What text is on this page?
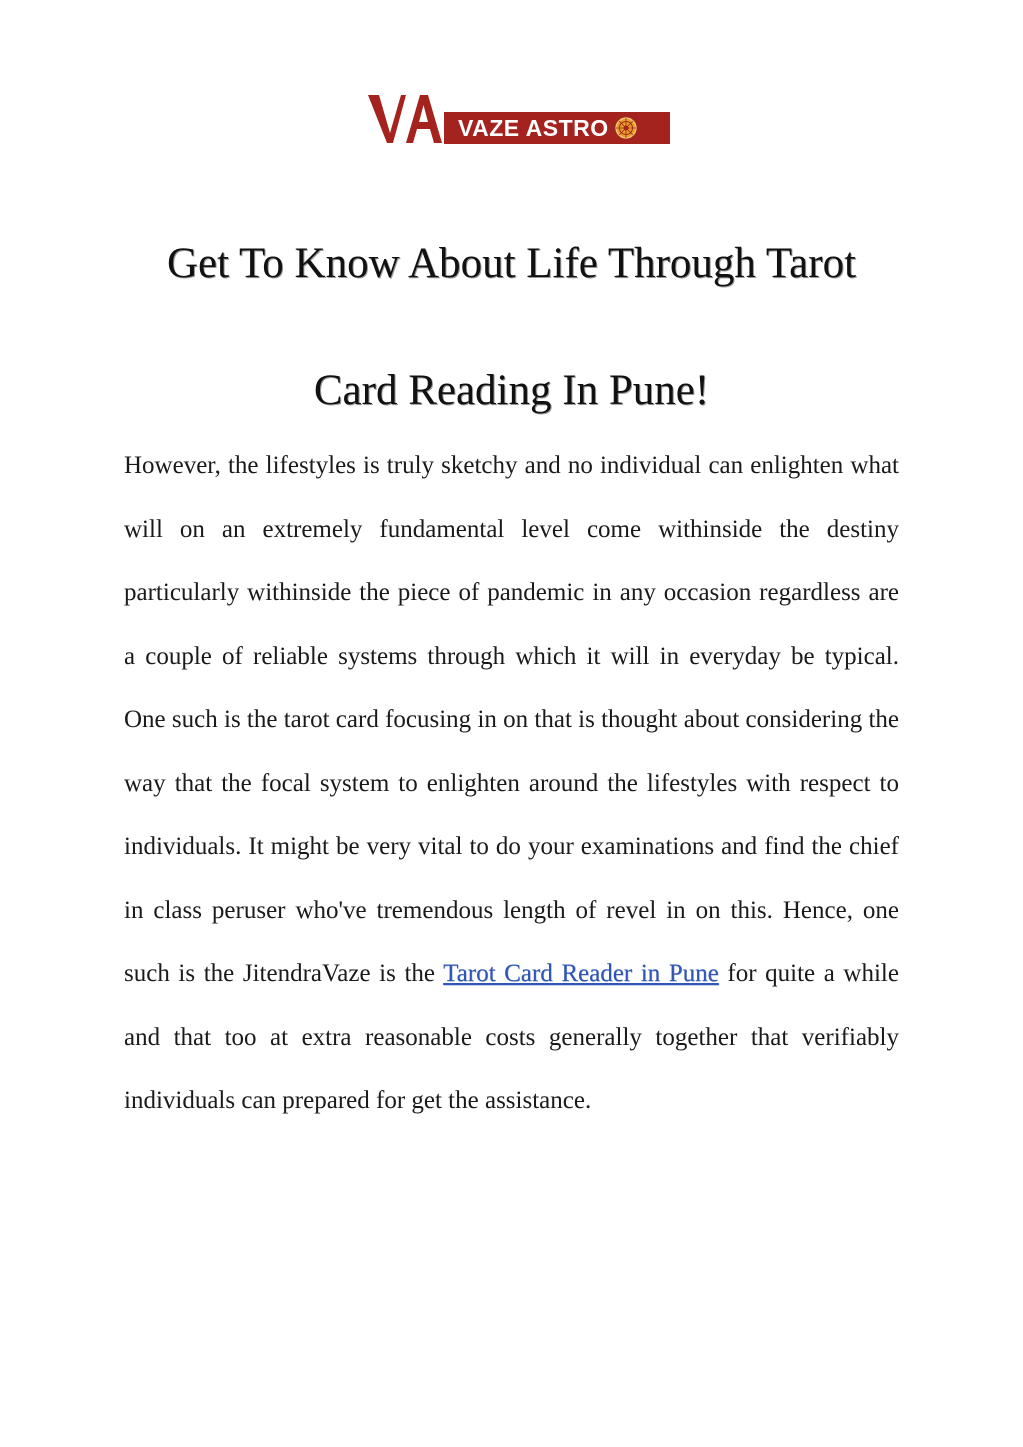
VAZE ASTRO
Get To Know About Life Through Tarot
Card Reading In Pune!

However, the lifestyles is truly sketchy and no individual can enlighten what will on an extremely fundamental level come withinside the destiny particularly withinside the piece of pandemic in any occasion regardless are a couple of reliable systems through which it will in everyday be typical. One such is the tarot card focusing in on that is thought about considering the way that the focal system to enlighten around the lifestyles with respect to individuals. It might be very vital to do your examinations and find the chief in class peruser who've tremendous length of revel in on this. Hence, one such is the JitendraVaze is the Tarot Card Reader in Pune for quite a while and that too at extra reasonable costs generally together that verifiably individuals can prepared for get the assistance.
